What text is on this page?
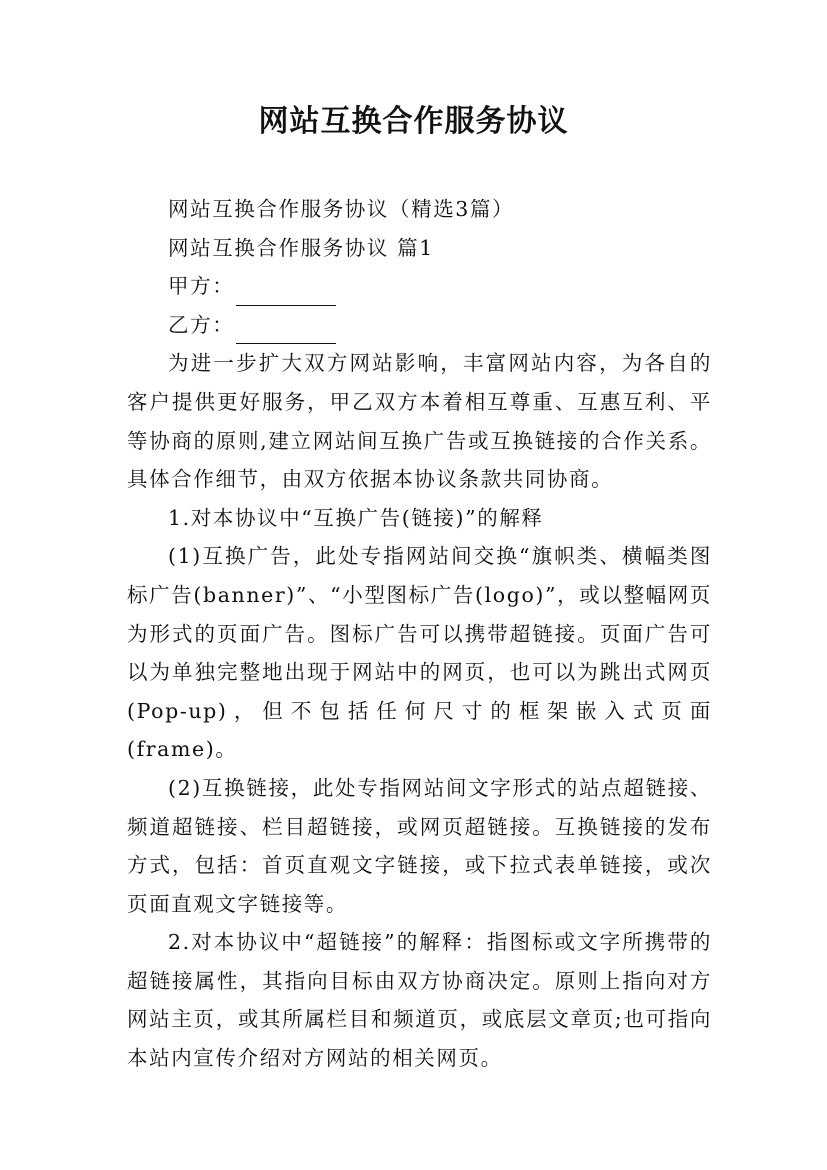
网站互换合作服务协议

网站互换合作服务协议（精选3篇）

网站互换合作服务协议 篇1

甲方：

乙方：

为进一步扩大双方网站影响，丰富网站内容，为各自的客户提供更好服务，甲乙双方本着相互尊重、互惠互利、平等协商的原则,建立网站间互换广告或互换链接的合作关系。具体合作细节，由双方依据本协议条款共同协商。

1.对本协议中“互换广告(链接)”的解释

(1)互换广告，此处专指网站间交换“旗帜类、横幅类图标广告(banner)”、“小型图标广告(logo)”，或以整幅网页为形式的页面广告。图标广告可以携带超链接。页面广告可以为单独完整地出现于网站中的网页，也可以为跳出式网页(Pop-up)，但不包括任何尺寸的框架嵌入式页面(frame)。

(2)互换链接，此处专指网站间文字形式的站点超链接、频道超链接、栏目超链接，或网页超链接。互换链接的发布方式，包括：首页直观文字链接，或下拉式表单链接，或次页面直观文字链接等。

2.对本协议中“超链接”的解释：指图标或文字所携带的超链接属性，其指向目标由双方协商决定。原则上指向对方网站主页，或其所属栏目和频道页，或底层文章页;也可指向本站内宣传介绍对方网站的相关网页。
